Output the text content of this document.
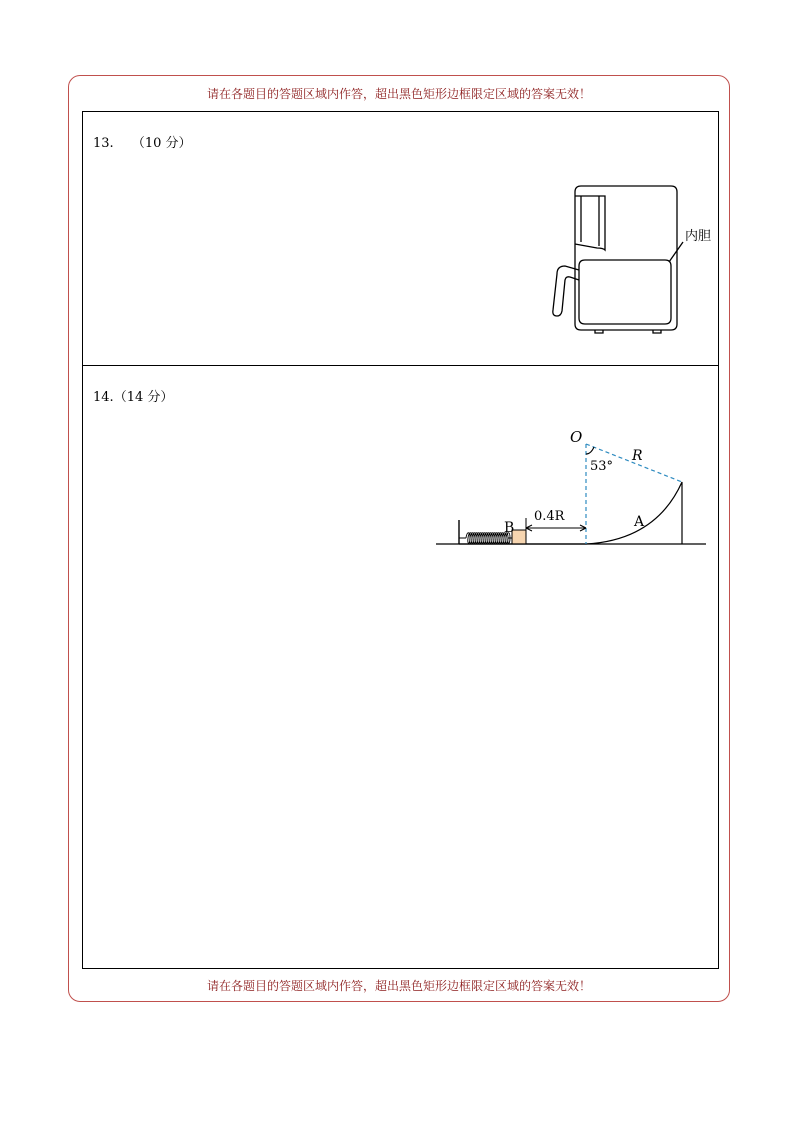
请在各题目的答题区域内作答，超出黑色矩形边框限定区域的答案无效！
13. （10 分）
内胆
14.（14 分）
O
R
53°
0.4R
B	A
请在各题目的答题区域内作答，超出黑色矩形边框限定区域的答案无效！
